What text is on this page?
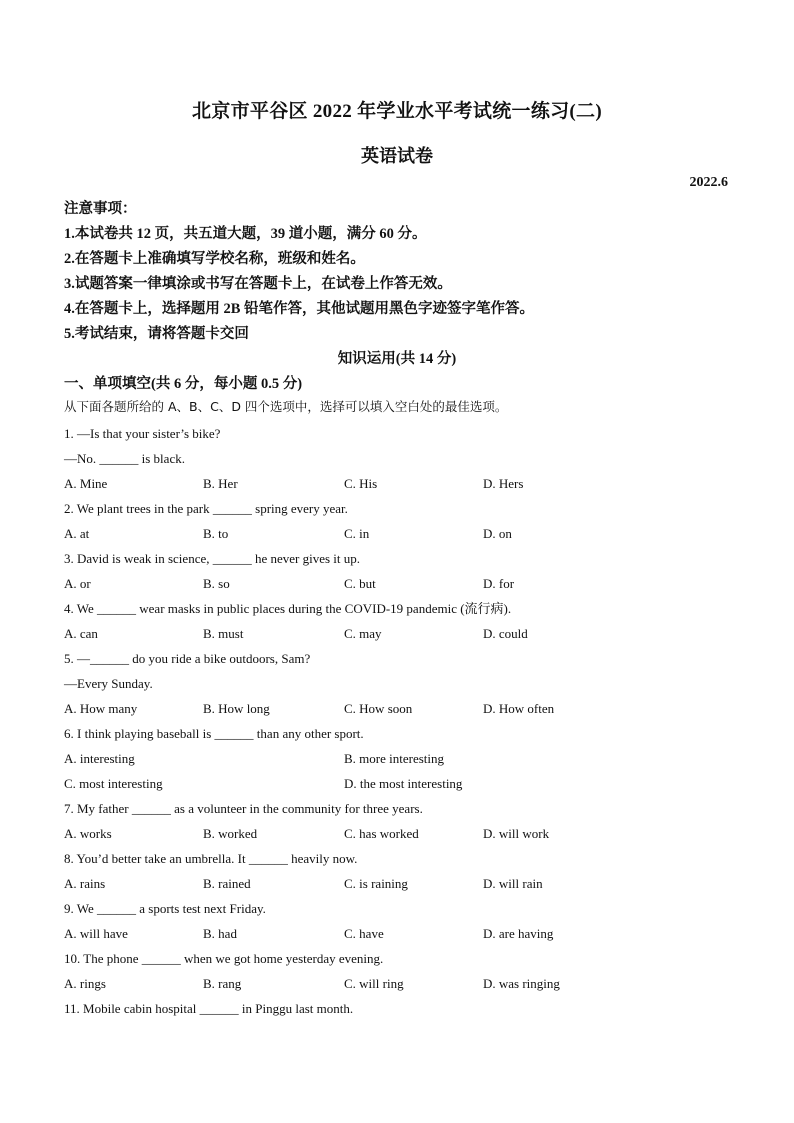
北京市平谷区 2022 年学业水平考试统一练习(二)
英语试卷
2022.6
注意事项：
1.本试卷共 12 页，共五道大题，39 道小题，满分 60 分。
2.在答题卡上准确填写学校名称，班级和姓名。
3.试题答案一律填涂或书写在答题卡上，在试卷上作答无效。
4.在答题卡上，选择题用 2B 铅笔作答，其他试题用黑色字迹签字笔作答。
5.考试结束，请将答题卡交回
知识运用(共 14 分)
一、单项填空(共 6 分，每小题 0.5 分)
从下面各题所给的 A、B、C、D 四个选项中，选择可以填入空白处的最佳选项。
1. —Is that your sister’s bike?
—No. ______ is black.
A. Mine	B. Her	C. His	D. Hers
2. We plant trees in the park ______ spring every year.
A. at	B. to	C. in	D. on
3. David is weak in science, ______ he never gives it up.
A. or	B. so	C. but	D. for
4. We ______ wear masks in public places during the COVID-19 pandemic (流行病).
A. can	B. must	C. may	D. could
5. —______ do you ride a bike outdoors, Sam?
—Every Sunday.
A. How many	B. How long	C. How soon	D. How often
6. I think playing baseball is ______ than any other sport.
A. interesting	B. more interesting
C. most interesting	D. the most interesting
7. My father ______ as a volunteer in the community for three years.
A. works	B. worked	C. has worked	D. will work
8. You’d better take an umbrella. It ______ heavily now.
A. rains	B. rained	C. is raining	D. will rain
9. We ______ a sports test next Friday.
A. will have	B. had	C. have	D. are having
10. The phone ______ when we got home yesterday evening.
A. rings	B. rang	C. will ring	D. was ringing
11. Mobile cabin hospital ______ in Pinggu last month.
